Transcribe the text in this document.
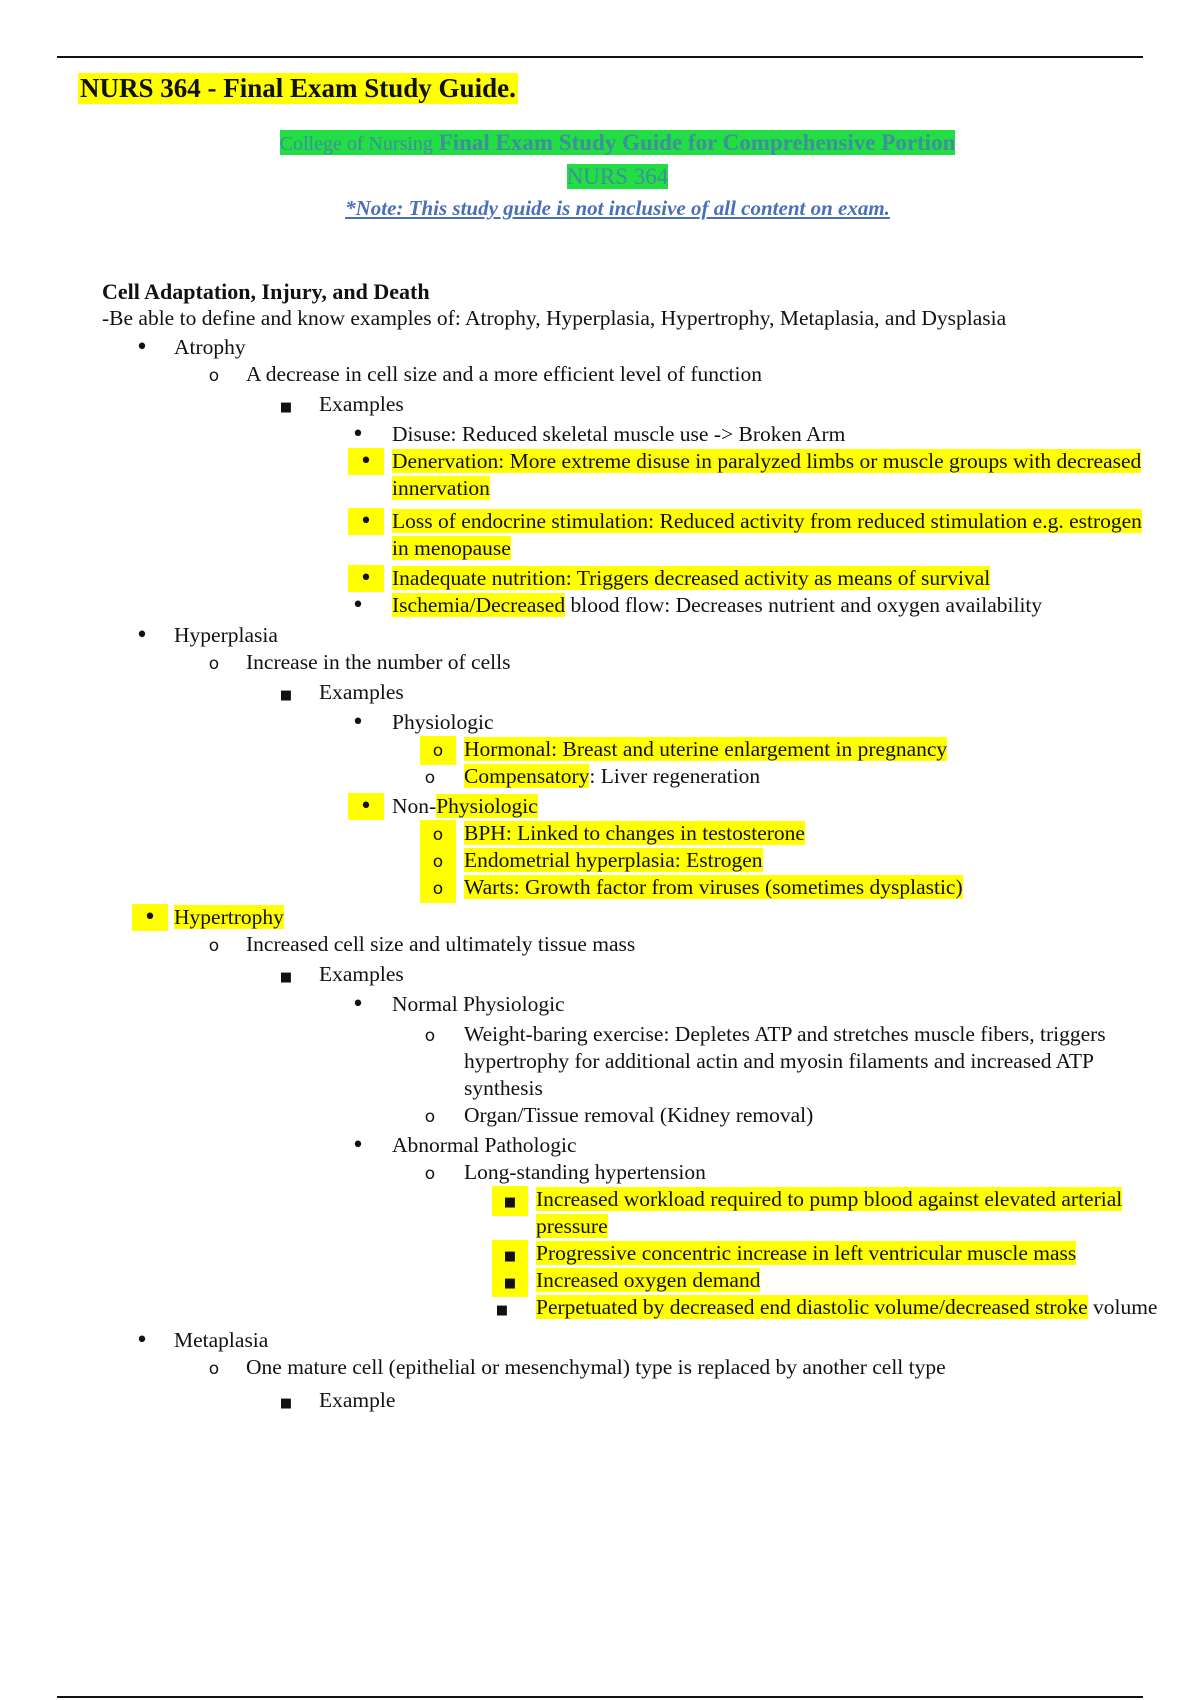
NURS 364 - Final Exam Study Guide.
College of Nursing Final Exam Study Guide for Comprehensive Portion
NURS 364
*Note: This study guide is not inclusive of all content on exam.

Cell Adaptation, Injury, and Death

-Be able to define and know examples of: Atrophy, Hyperplasia, Hypertrophy, Metaplasia, and Dysplasia

•
Atrophy
o
A decrease in cell size and a more efficient level of function
■
Examples
•
Disuse: Reduced skeletal muscle use -> Broken Arm
•
Denervation: More extreme disuse in paralyzed limbs or muscle groups with decreased innervation
•
Loss of endocrine stimulation: Reduced activity from reduced stimulation e.g. estrogen in menopause
•
Inadequate nutrition: Triggers decreased activity as means of survival
•
Ischemia/Decreased blood flow: Decreases nutrient and oxygen availability
•
Hyperplasia
o
Increase in the number of cells
■
Examples
•
Physiologic
o
Hormonal: Breast and uterine enlargement in pregnancy
o
Compensatory: Liver regeneration
•
Non-Physiologic
o
BPH: Linked to changes in testosterone
o
Endometrial hyperplasia: Estrogen
o
Warts: Growth factor from viruses (sometimes dysplastic)
•
Hypertrophy
o
Increased cell size and ultimately tissue mass
■
Examples
•
Normal Physiologic
o
Weight-baring exercise: Depletes ATP and stretches muscle fibers, triggers hypertrophy for additional actin and myosin filaments and increased ATP synthesis
o
Organ/Tissue removal (Kidney removal)
•
Abnormal Pathologic
o
Long-standing hypertension
■
Increased workload required to pump blood against elevated arterial pressure
■
Progressive concentric increase in left ventricular muscle mass
■
Increased oxygen demand
■
Perpetuated by decreased end diastolic volume/decreased stroke volume
•
Metaplasia
o
One mature cell (epithelial or mesenchymal) type is replaced by another cell type
■
Example
